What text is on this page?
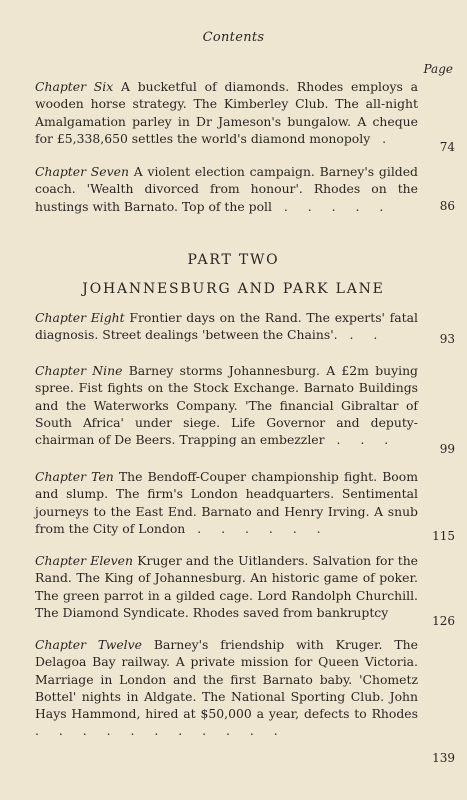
Contents
Page
Chapter Six A bucketful of diamonds. Rhodes employs a wooden horse strategy. The Kimberley Club. The all-night Amalgamation parley in Dr Jameson's bungalow. A cheque for £5,338,650 settles the world's diamond monopoly .
74
Chapter Seven A violent election campaign. Barney's gilded coach. 'Wealth divorced from honour'. Rhodes on the hustings with Barnato. Top of the poll . . . . .	86
PART TWO
JOHANNESBURG AND PARK LANE
Chapter Eight Frontier days on the Rand. The experts' fatal diagnosis. Street dealings 'between the Chains'. . .	93
Chapter Nine Barney storms Johannesburg. A £2m buying spree. Fist fights on the Stock Exchange. Barnato Buildings and the Waterworks Company. 'The financial Gibraltar of South Africa' under siege. Life Governor and deputy-chairman of De Beers. Trapping an embezzler . . .
99
Chapter Ten The Bendoff-Couper championship fight. Boom and slump. The firm's London headquarters. Sentimental journeys to the East End. Barnato and Henry Irving. A snub from the City of London . . . . . .
115
Chapter Eleven Kruger and the Uitlanders. Salvation for the Rand. The King of Johannesburg. An historic game of poker. The green parrot in a gilded cage. Lord Randolph Churchill. The Diamond Syndicate. Rhodes saved from bankruptcy
126
Chapter Twelve Barney's friendship with Kruger. The Delagoa Bay railway. A private mission for Queen Victoria. Marriage in London and the first Barnato baby. 'Chometz Bottel' nights in Aldgate. The National Sporting Club. John Hays Hammond, hired at $50,000 a year, defects to Rhodes . . . . . . . . . . .
139
